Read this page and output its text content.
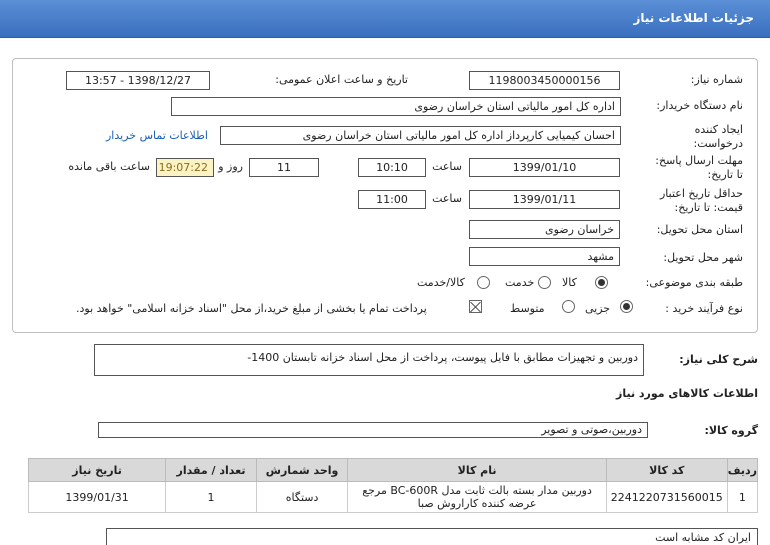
جزئیات اطلاعات نیاز
شماره نیاز:
1198003450000156
تاریخ و ساعت اعلان عمومی:
1398/12/27 - 13:57
نام دستگاه خریدار:
اداره کل امور مالیاتی استان خراسان رضوی
ایجاد کننده درخواست:
احسان کیمیایی کارپرداز اداره کل امور مالیاتی استان خراسان رضوی
اطلاعات تماس خریدار
مهلت ارسال پاسخ: تا تاریخ:
1399/01/10
ساعت
10:10
11
روز و
19:07:22
ساعت باقی مانده
حداقل تاریخ اعتبار قیمت: تا تاریخ:
1399/01/11
ساعت
11:00
استان محل تحویل:
خراسان رضوی
شهر محل تحویل:
مشهد
طبقه بندی موضوعی:
کالا
خدمت
کالا/خدمت
نوع فرآیند خرید :
جزیی
متوسط
پرداخت تمام یا بخشی از مبلغ خرید،از محل "اسناد خزانه اسلامی" خواهد بود.
شرح کلی نیاز:
دوربین و تجهیزات مطابق با فایل پیوست، پرداخت از محل اسناد خزانه تابستان 1400-
اطلاعات کالاهای مورد نیاز
گروه کالا:
دوربین،صوتی و تصویر
ردیف	کد کالا	نام کالا	واحد شمارش	تعداد / مقدار	تاریخ نیاز
1	2241220731560015	دوربین مدار بسته بالت ثابت مدل BC-600R مرجع عرضه کننده کاراروش صبا	دستگاه	1	1399/01/31
ایران کد مشابه است
